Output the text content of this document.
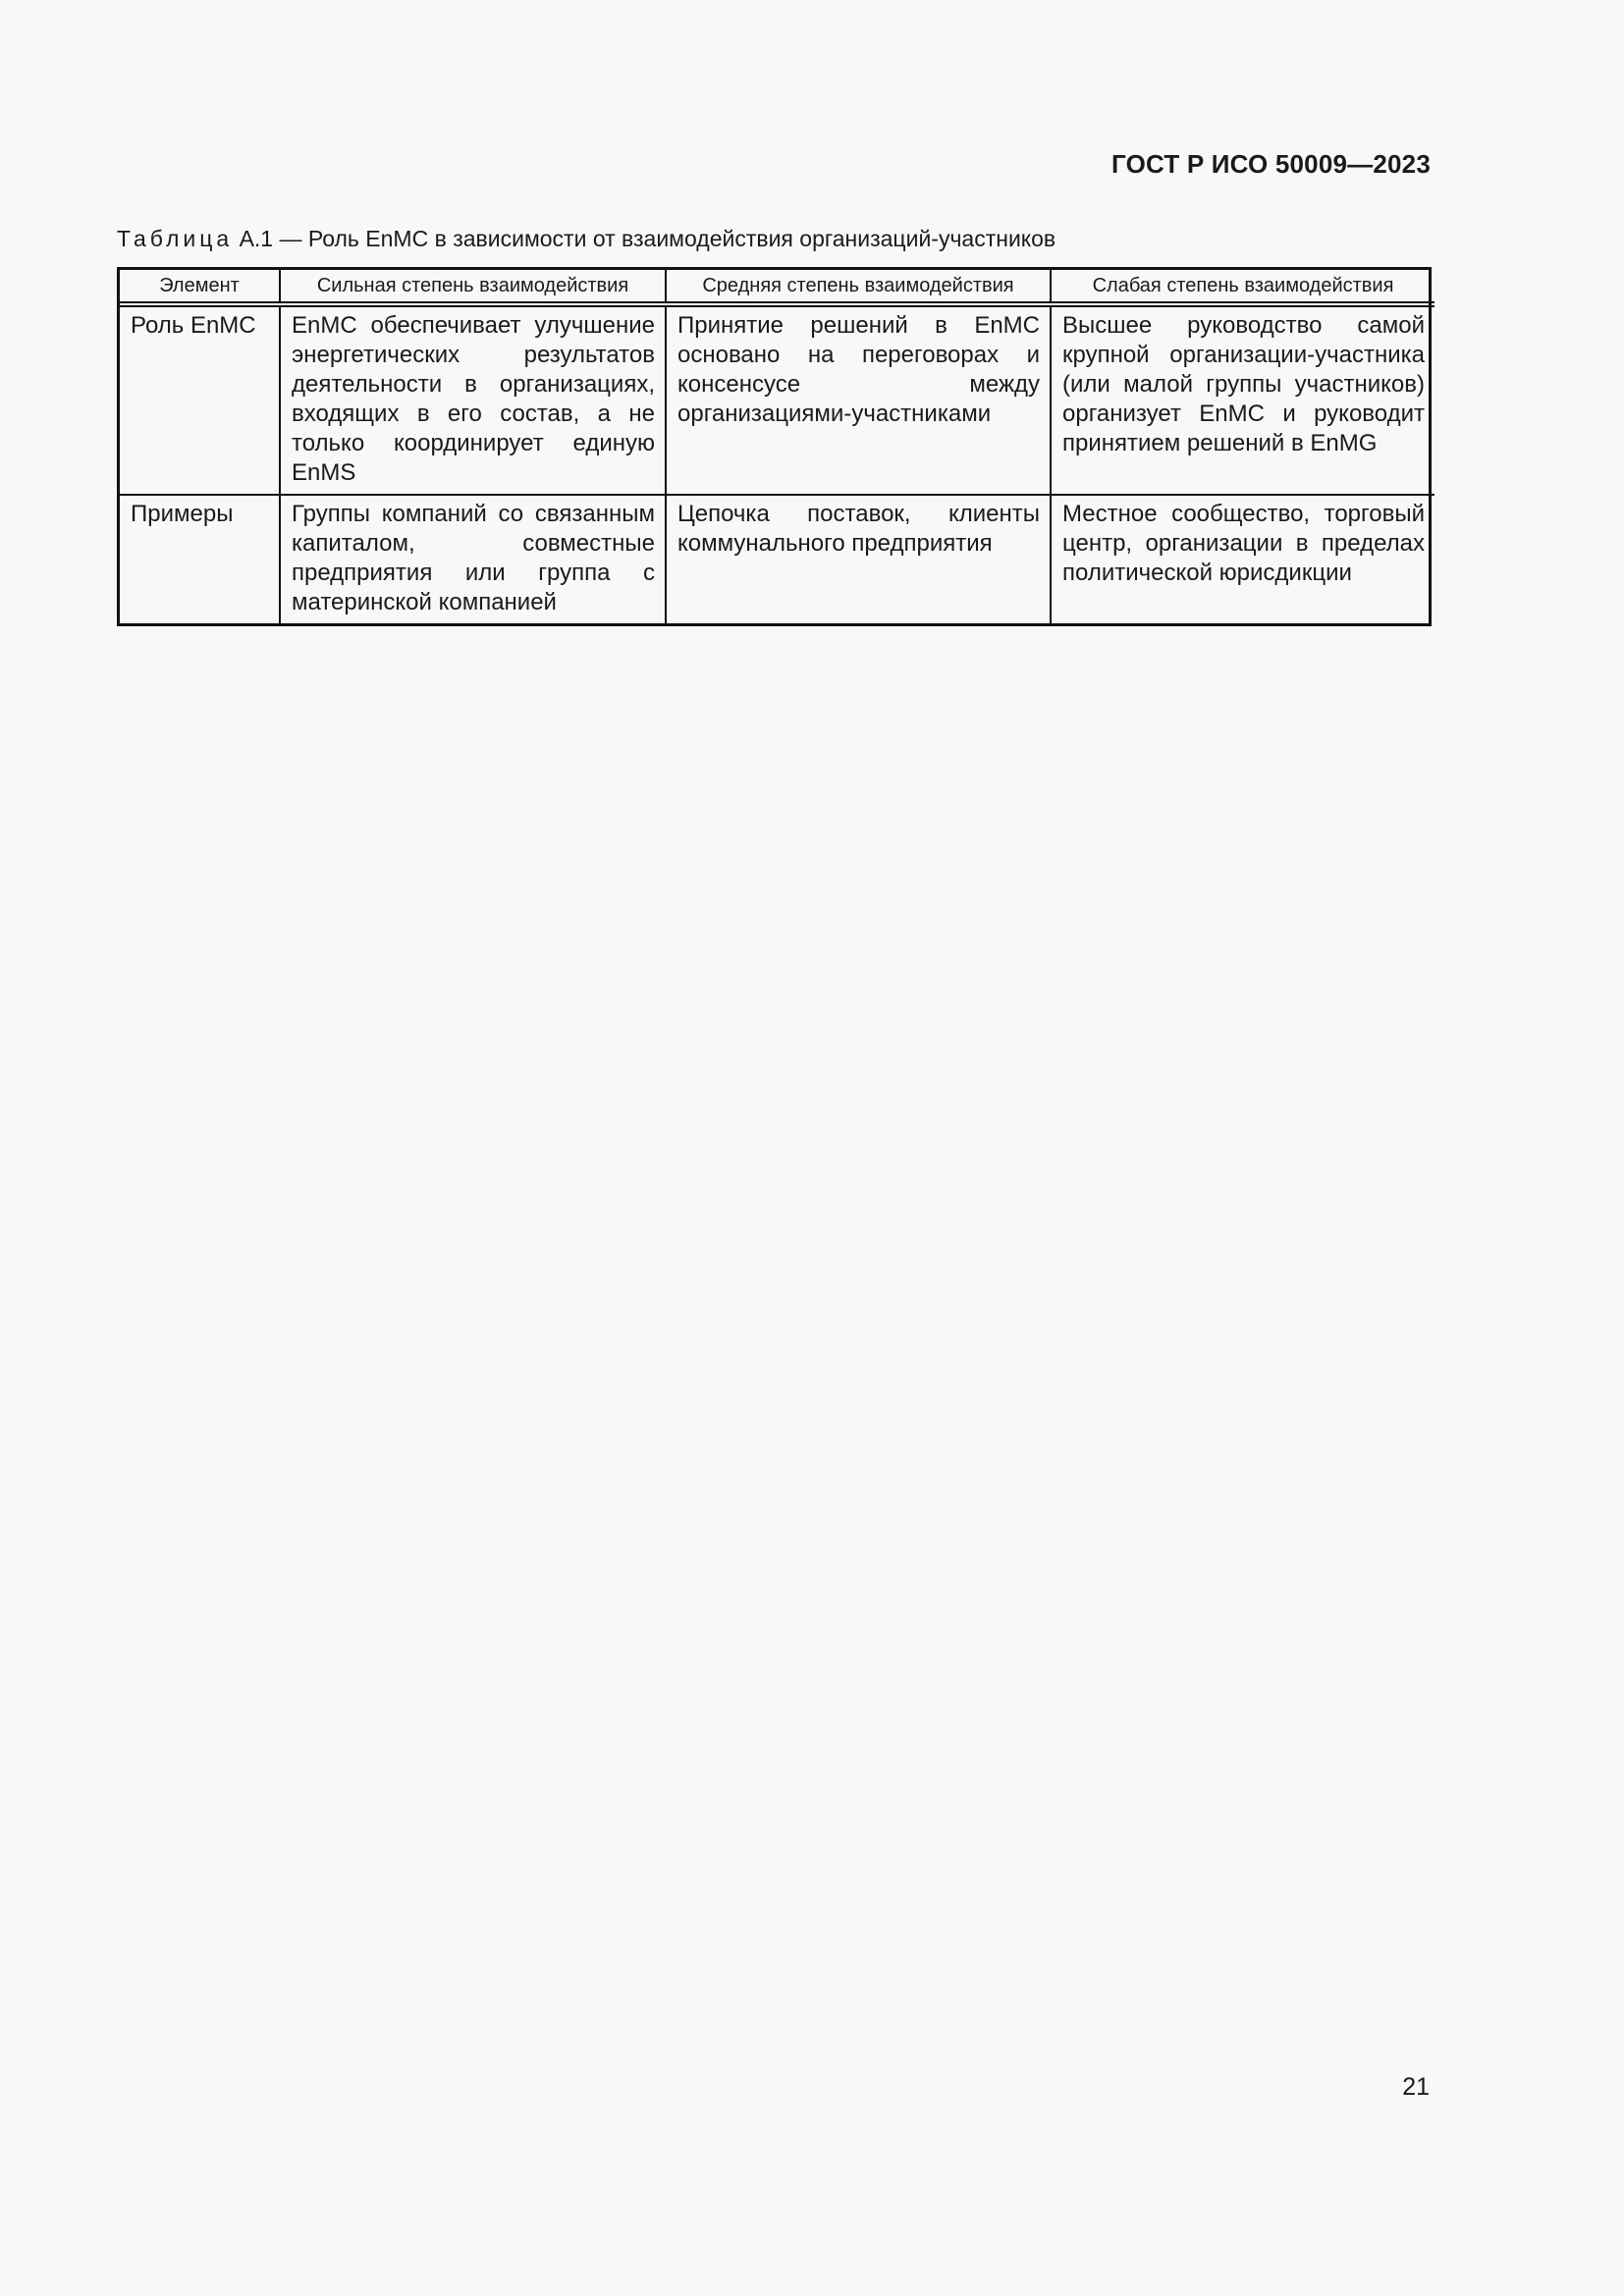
ГОСТ Р ИСО 50009—2023
Таблица А.1 — Роль EnMC в зависимости от взаимодействия организаций-участников
Элемент	Сильная степень взаимодействия	Средняя степень взаимодействия	Слабая степень взаимодействия
Роль EnMC	EnMC обеспечивает улучшение энергетических результатов деятельности в организациях, входящих в его состав, а не только координирует единую EnMS	Принятие решений в EnMC основано на переговорах и консенсусе между организациями-участниками	Высшее руководство самой крупной организации-участника (или малой группы участников) организует EnMC и руководит принятием решений в EnMG
Примеры	Группы компаний со связанным капиталом, совместные предприятия или группа с материнской компанией	Цепочка поставок, клиенты коммунального предприятия	Местное сообщество, торговый центр, организации в пределах политической юрисдикции
21
